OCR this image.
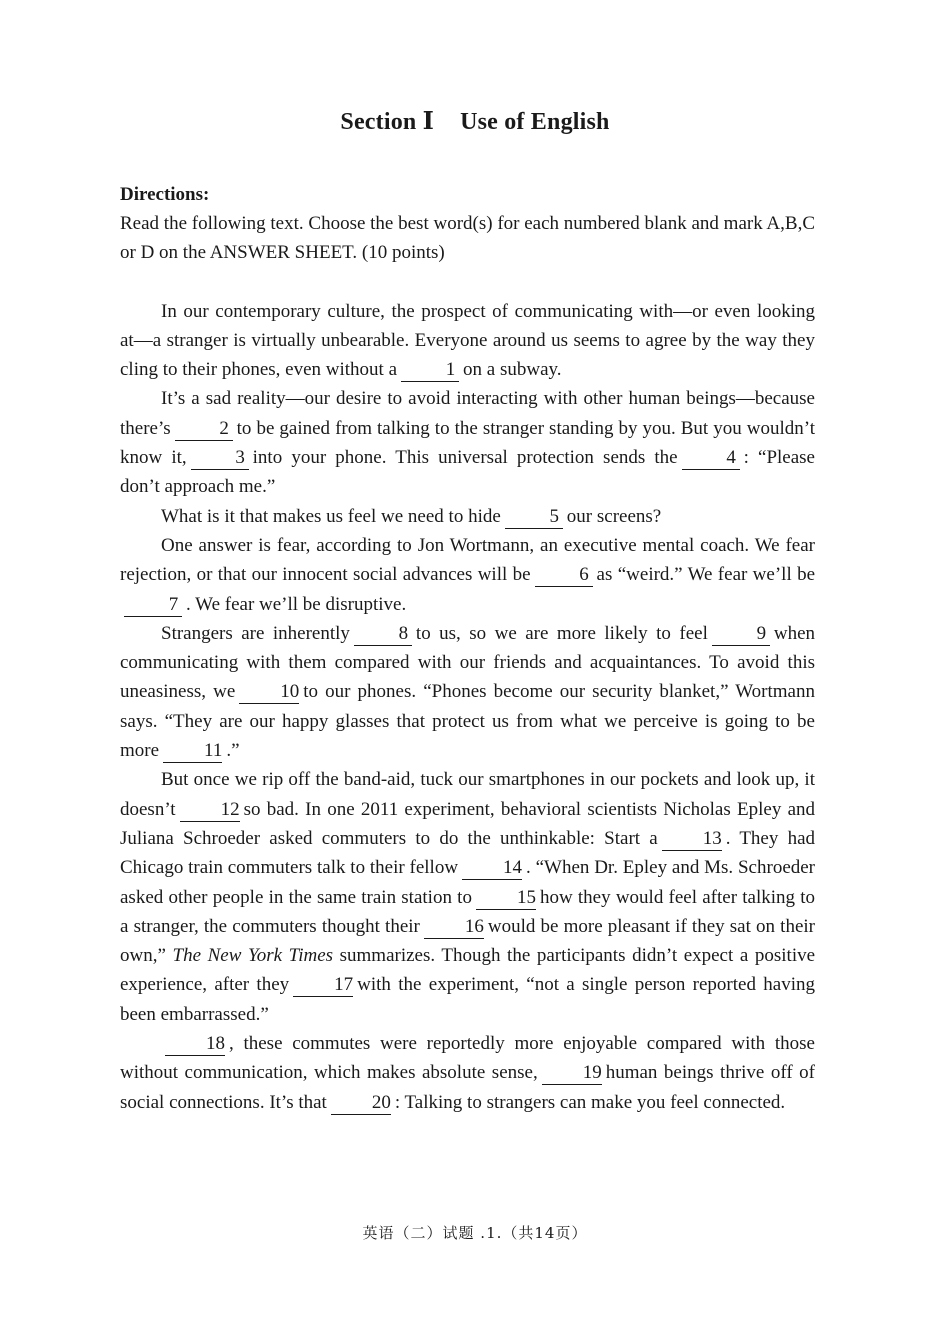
Section Ⅰ Use of English
Directions:
Read the following text. Choose the best word(s) for each numbered blank and mark A,B,C or D on the ANSWER SHEET. (10 points)

In our contemporary culture, the prospect of communicating with—or even looking at—a stranger is virtually unbearable. Everyone around us seems to agree by the way they cling to their phones, even without a	1 on a subway.

It’s a sad reality—our desire to avoid interacting with other human beings—because there’s	2 to be gained from talking to the stranger standing by you. But you wouldn’t know it,	3 into your phone. This universal protection sends the	4 : “Please don’t approach me.”

What is it that makes us feel we need to hide	5 our screens?

One answer is fear, according to Jon Wortmann, an executive mental coach. We fear rejection, or that our innocent social advances will be	6 as “weird.” We fear we’ll be7 . We fear we’ll be disruptive.

Strangers are inherently	8 to us, so we are more likely to feel	9 when communicating with them compared with our friends and acquaintances. To avoid this uneasiness, we 10 to our phones. “Phones become our security blanket,” Wortmann says. “They are our happy glasses that protect us from what we perceive is going to be more 11 .”

But once we rip off the band-aid, tuck our smartphones in our pockets and look up, it doesn’t 12 so bad. In one 2011 experiment, behavioral scientists Nicholas Epley and Juliana Schroeder asked commuters to do the unthinkable: Start a 13 . They had Chicago train commuters talk to their fellow 14 . “When Dr. Epley and Ms. Schroeder asked other people in the same train station to 15 how they would feel after talking to a stranger, the commuters thought their 16 would be more pleasant if they sat on their own,” The New York Times summarizes. Though the participants didn’t expect a positive experience, after they 17 with the experiment, “not a single person reported having been embarrassed.”

18 , these commutes were reportedly more enjoyable compared with those without communication, which makes absolute sense, 19 human beings thrive off of social connections. It’s that 20 : Talking to strangers can make you feel connected.

英语（二）试题 .1.（共14页）
